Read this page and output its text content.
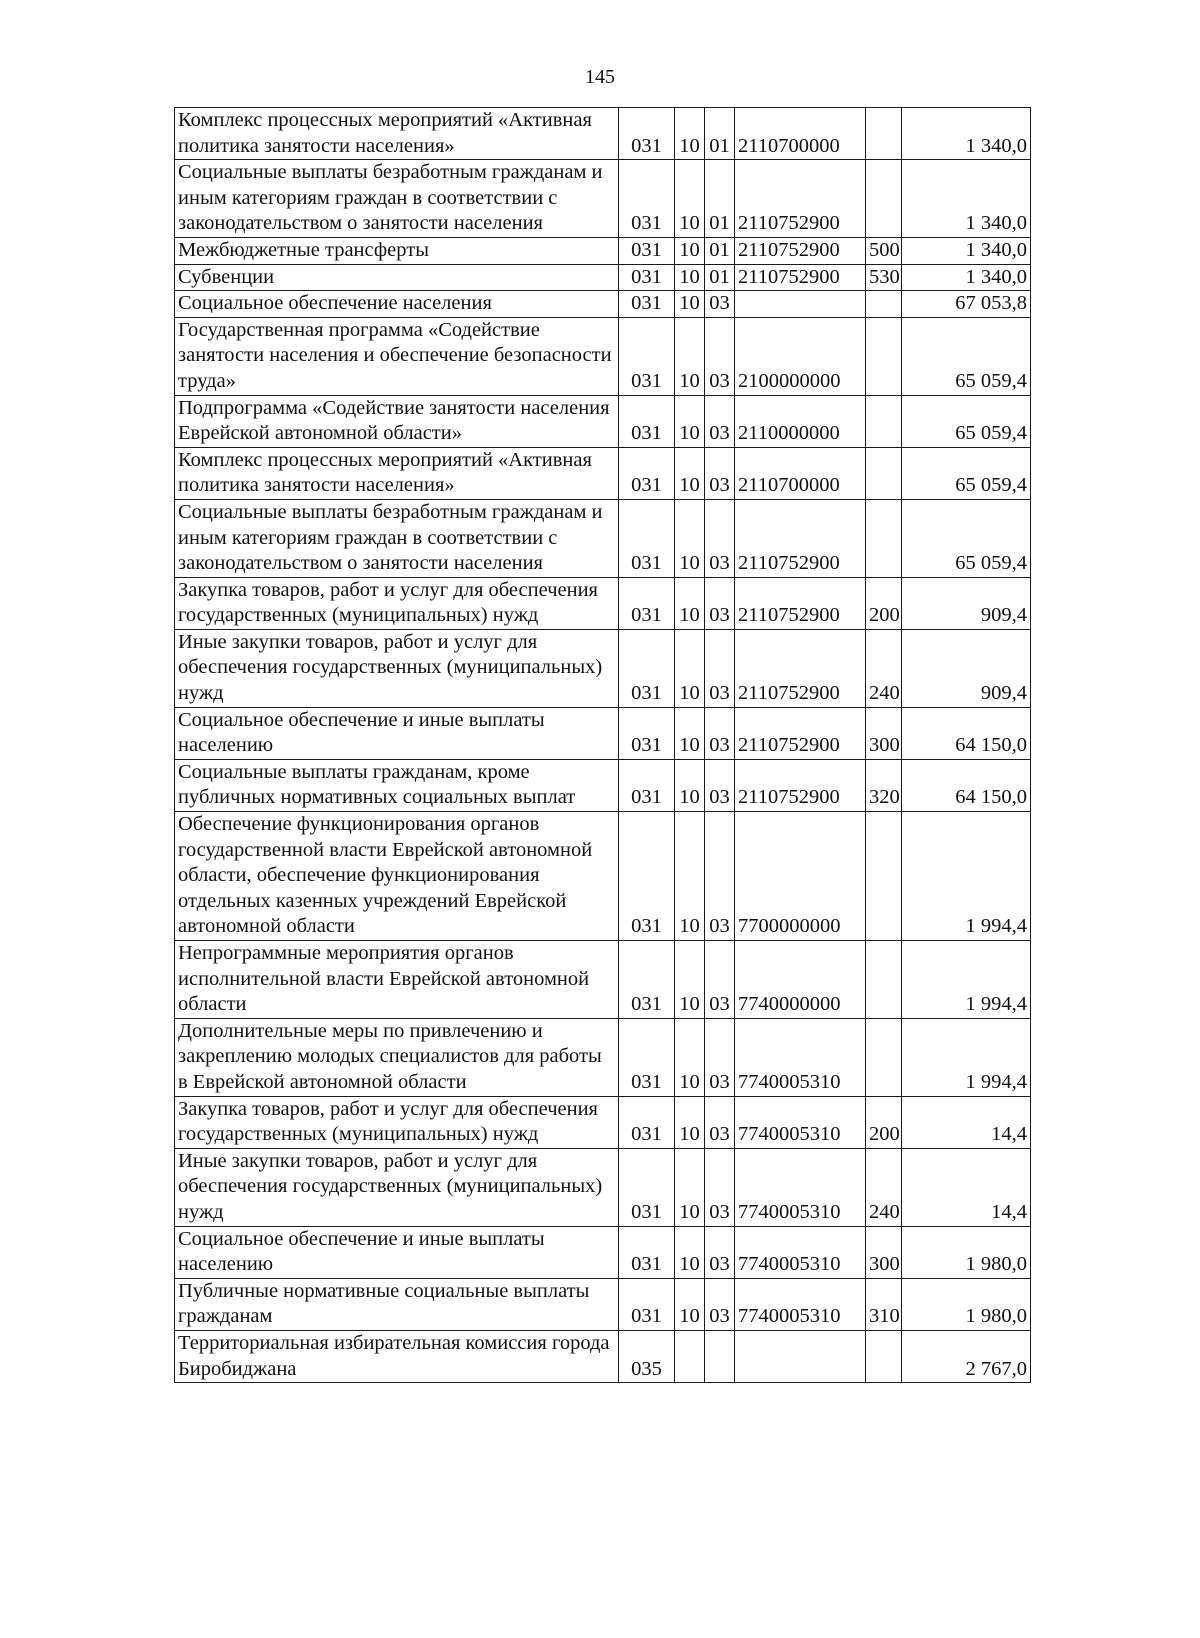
145
Комплекс процессных мероприятий «Активная политика занятости населения»	031	10	01	2110700000		1 340,0
Социальные выплаты безработным гражданам и иным категориям граждан в соответствии с законодательством о занятости населения	031	10	01	2110752900		1 340,0
Межбюджетные трансферты	031	10	01	2110752900	500	1 340,0
Субвенции	031	10	01	2110752900	530	1 340,0
Социальное обеспечение населения	031	10	03			67 053,8
Государственная программа «Содействие занятости населения и обеспечение безопасности труда»	031	10	03	2100000000		65 059,4
Подпрограмма «Содействие занятости населения Еврейской автономной области»	031	10	03	2110000000		65 059,4
Комплекс процессных мероприятий «Активная политика занятости населения»	031	10	03	2110700000		65 059,4
Социальные выплаты безработным гражданам и иным категориям граждан в соответствии с законодательством о занятости населения	031	10	03	2110752900		65 059,4
Закупка товаров, работ и услуг для обеспечения государственных (муниципальных) нужд	031	10	03	2110752900	200	909,4
Иные закупки товаров, работ и услуг для обеспечения государственных (муниципальных) нужд	031	10	03	2110752900	240	909,4
Социальное обеспечение и иные выплаты населению	031	10	03	2110752900	300	64 150,0
Социальные выплаты гражданам, кроме публичных нормативных социальных выплат	031	10	03	2110752900	320	64 150,0
Обеспечение функционирования органов государственной власти Еврейской автономной области, обеспечение функционирования отдельных казенных учреждений Еврейской автономной области	031	10	03	7700000000		1 994,4
Непрограммные мероприятия органов исполнительной власти Еврейской автономной области	031	10	03	7740000000		1 994,4
Дополнительные меры по привлечению и закреплению молодых специалистов для работы в Еврейской автономной области	031	10	03	7740005310		1 994,4
Закупка товаров, работ и услуг для обеспечения государственных (муниципальных) нужд	031	10	03	7740005310	200	14,4
Иные закупки товаров, работ и услуг для обеспечения государственных (муниципальных) нужд	031	10	03	7740005310	240	14,4
Социальное обеспечение и иные выплаты населению	031	10	03	7740005310	300	1 980,0
Публичные нормативные социальные выплаты гражданам	031	10	03	7740005310	310	1 980,0
Территориальная избирательная комиссия города Биробиджана	035					2 767,0
